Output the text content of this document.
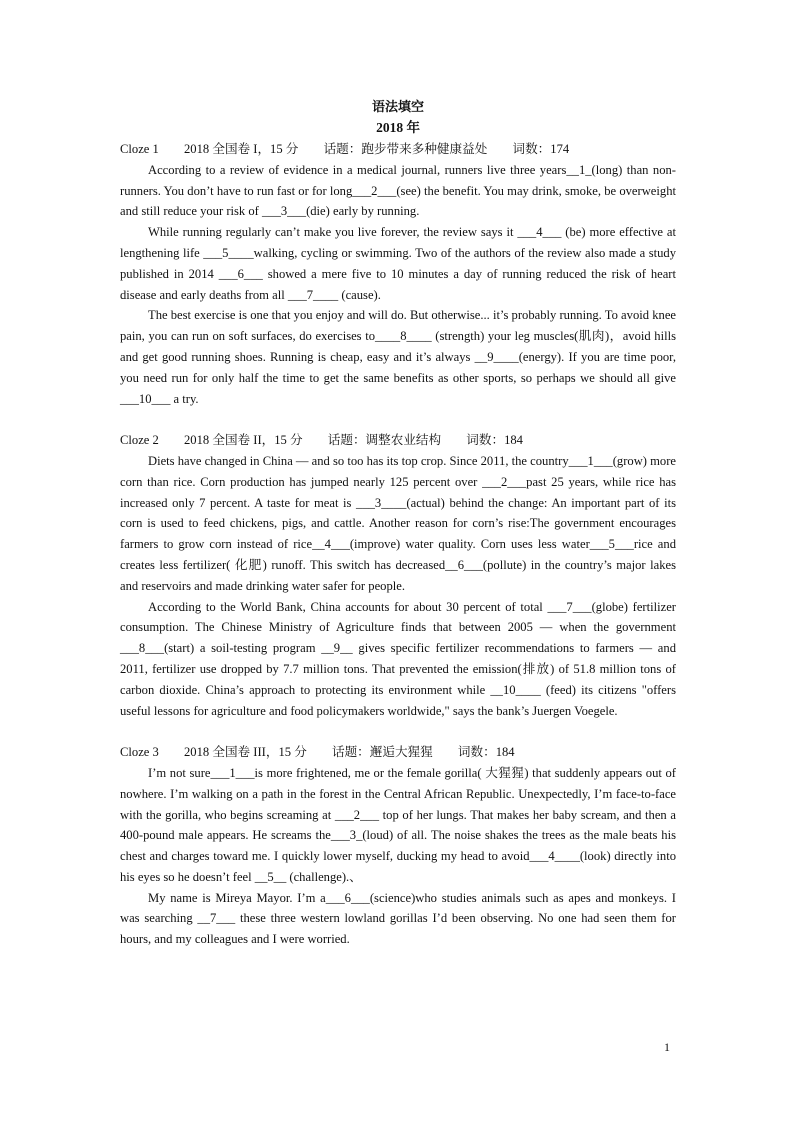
语法填空
2018 年
Cloze 1　　2018 全国卷 I，15 分　　话题：跑步带来多种健康益处　　词数：174

According to a review of evidence in a medical journal, runners live three years__1_(long) than non-runners. You don’t have to run fast or for long___2___(see) the benefit. You may drink, smoke, be overweight and still reduce your risk of ___3___(die) early by running.

While running regularly can’t make you live forever, the review says it ___4___ (be) more effective at lengthening life ___5____walking, cycling or swimming. Two of the authors of the review also made a study published in 2014 ___6___ showed a mere five to 10 minutes a day of running reduced the risk of heart disease and early deaths from all ___7____ (cause).

The best exercise is one that you enjoy and will do. But otherwise... it’s probably running. To avoid knee pain, you can run on soft surfaces, do exercises to____8____ (strength) your leg muscles(肌肉)，avoid hills and get good running shoes. Running is cheap, easy and it’s always __9____(energy). If you are time poor, you need run for only half the time to get the same benefits as other sports, so perhaps we should all give ___10___ a try.

Cloze 2　　2018 全国卷 II，15 分　　话题：调整农业结构　　词数：184

Diets have changed in China — and so too has its top crop. Since 2011, the country___1___(grow) more corn than rice. Corn production has jumped nearly 125 percent over ___2___past 25 years, while rice has increased only 7 percent. A taste for meat is ___3____(actual) behind the change: An important part of its corn is used to feed chickens, pigs, and cattle. Another reason for corn’s rise:The government encourages farmers to grow corn instead of rice__4___(improve) water quality. Corn uses less water___5___rice and creates less fertilizer( 化肥) runoff. This switch has decreased__6___(pollute) in the country’s major lakes and reservoirs and made drinking water safer for people.

According to the World Bank, China accounts for about 30 percent of total ___7___(globe) fertilizer consumption. The Chinese Ministry of Agriculture finds that between 2005 — when the government ___8___(start) a soil-testing program __9__ gives specific fertilizer recommendations to farmers — and 2011, fertilizer use dropped by 7.7 million tons. That prevented the emission(排放) of 51.8 million tons of carbon dioxide. China’s approach to protecting its environment while __10____ (feed) its citizens "offers useful lessons for agriculture and food policymakers worldwide," says the bank’s Juergen Voegele.

Cloze 3　　2018 全国卷 III，15 分　　话题：邂逅大猩猩　　词数：184

I’m not sure___1___is more frightened, me or the female gorilla( 大猩猩) that suddenly appears out of nowhere. I’m walking on a path in the forest in the Central African Republic. Unexpectedly, I’m face-to-face with the gorilla, who begins screaming at ___2___ top of her lungs. That makes her baby scream, and then a 400-pound male appears. He screams the___3_(loud) of all. The noise shakes the trees as the male beats his chest and charges toward me. I quickly lower myself, ducking my head to avoid___4____(look) directly into his eyes so he doesn’t feel __5__ (challenge).、

My name is Mireya Mayor. I’m a___6___(science)who studies animals such as apes and monkeys. I was searching __7___ these three western lowland gorillas I’d been observing. No one had seen them for hours, and my colleagues and I were worried.

1
